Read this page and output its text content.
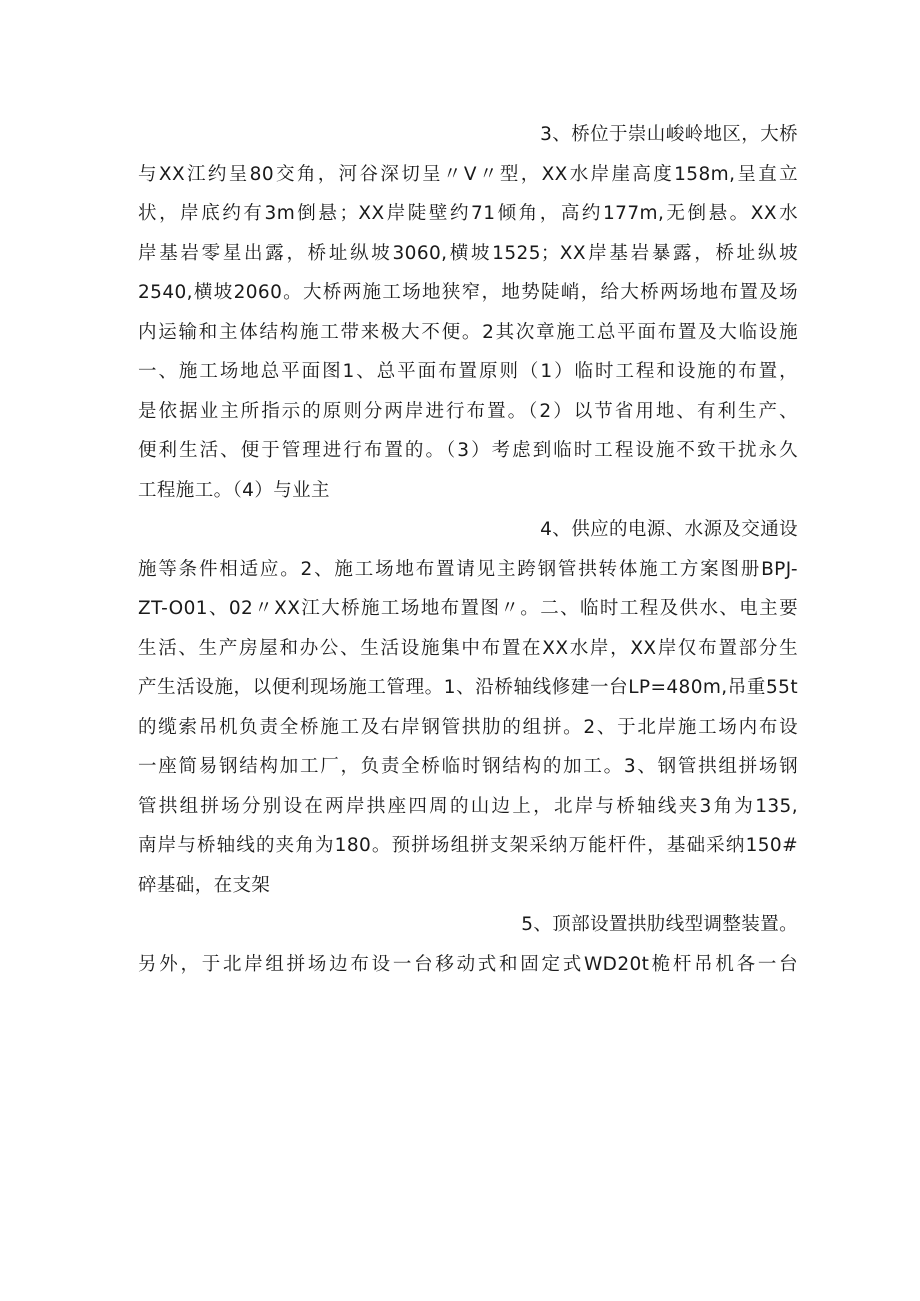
3、桥位于崇山峻岭地区，大桥
与XX江约呈80交角，河谷深切呈〃V〃型，XX水岸崖高度158m,呈直立
状，岸底约有3m倒悬；XX岸陡壁约71倾角，高约177m,无倒悬。XX水
岸基岩零星出露，桥址纵坡3060,横坡1525；XX岸基岩暴露，桥址纵坡
2540,横坡2060。大桥两施工场地狭窄，地势陡峭，给大桥两场地布置及场
内运输和主体结构施工带来极大不便。2其次章施工总平面布置及大临设施
一、施工场地总平面图1、总平面布置原则（1）临时工程和设施的布置，
是依据业主所指示的原则分两岸进行布置。（2）以节省用地、有利生产、
便利生活、便于管理进行布置的。（3）考虑到临时工程设施不致干扰永久
工程施工。（4）与业主
4、供应的电源、水源及交通设
施等条件相适应。2、施工场地布置请见主跨钢管拱转体施工方案图册BPJ-
ZT-O01、02〃XX江大桥施工场地布置图〃。二、临时工程及供水、电主要
生活、生产房屋和办公、生活设施集中布置在XX水岸，XX岸仅布置部分生
产生活设施，以便利现场施工管理。1、沿桥轴线修建一台LP=480m,吊重55t
的缆索吊机负责全桥施工及右岸钢管拱肋的组拼。2、于北岸施工场内布设
一座简易钢结构加工厂，负责全桥临时钢结构的加工。3、钢管拱组拼场钢
管拱组拼场分别设在两岸拱座四周的山边上，北岸与桥轴线夹3角为135,
南岸与桥轴线的夹角为180。预拼场组拼支架采纳万能杆件，基础采纳150#
碎基础，在支架
5、顶部设置拱肋线型调整装置。
另外，于北岸组拼场边布设一台移动式和固定式WD20t桅杆吊机各一台
